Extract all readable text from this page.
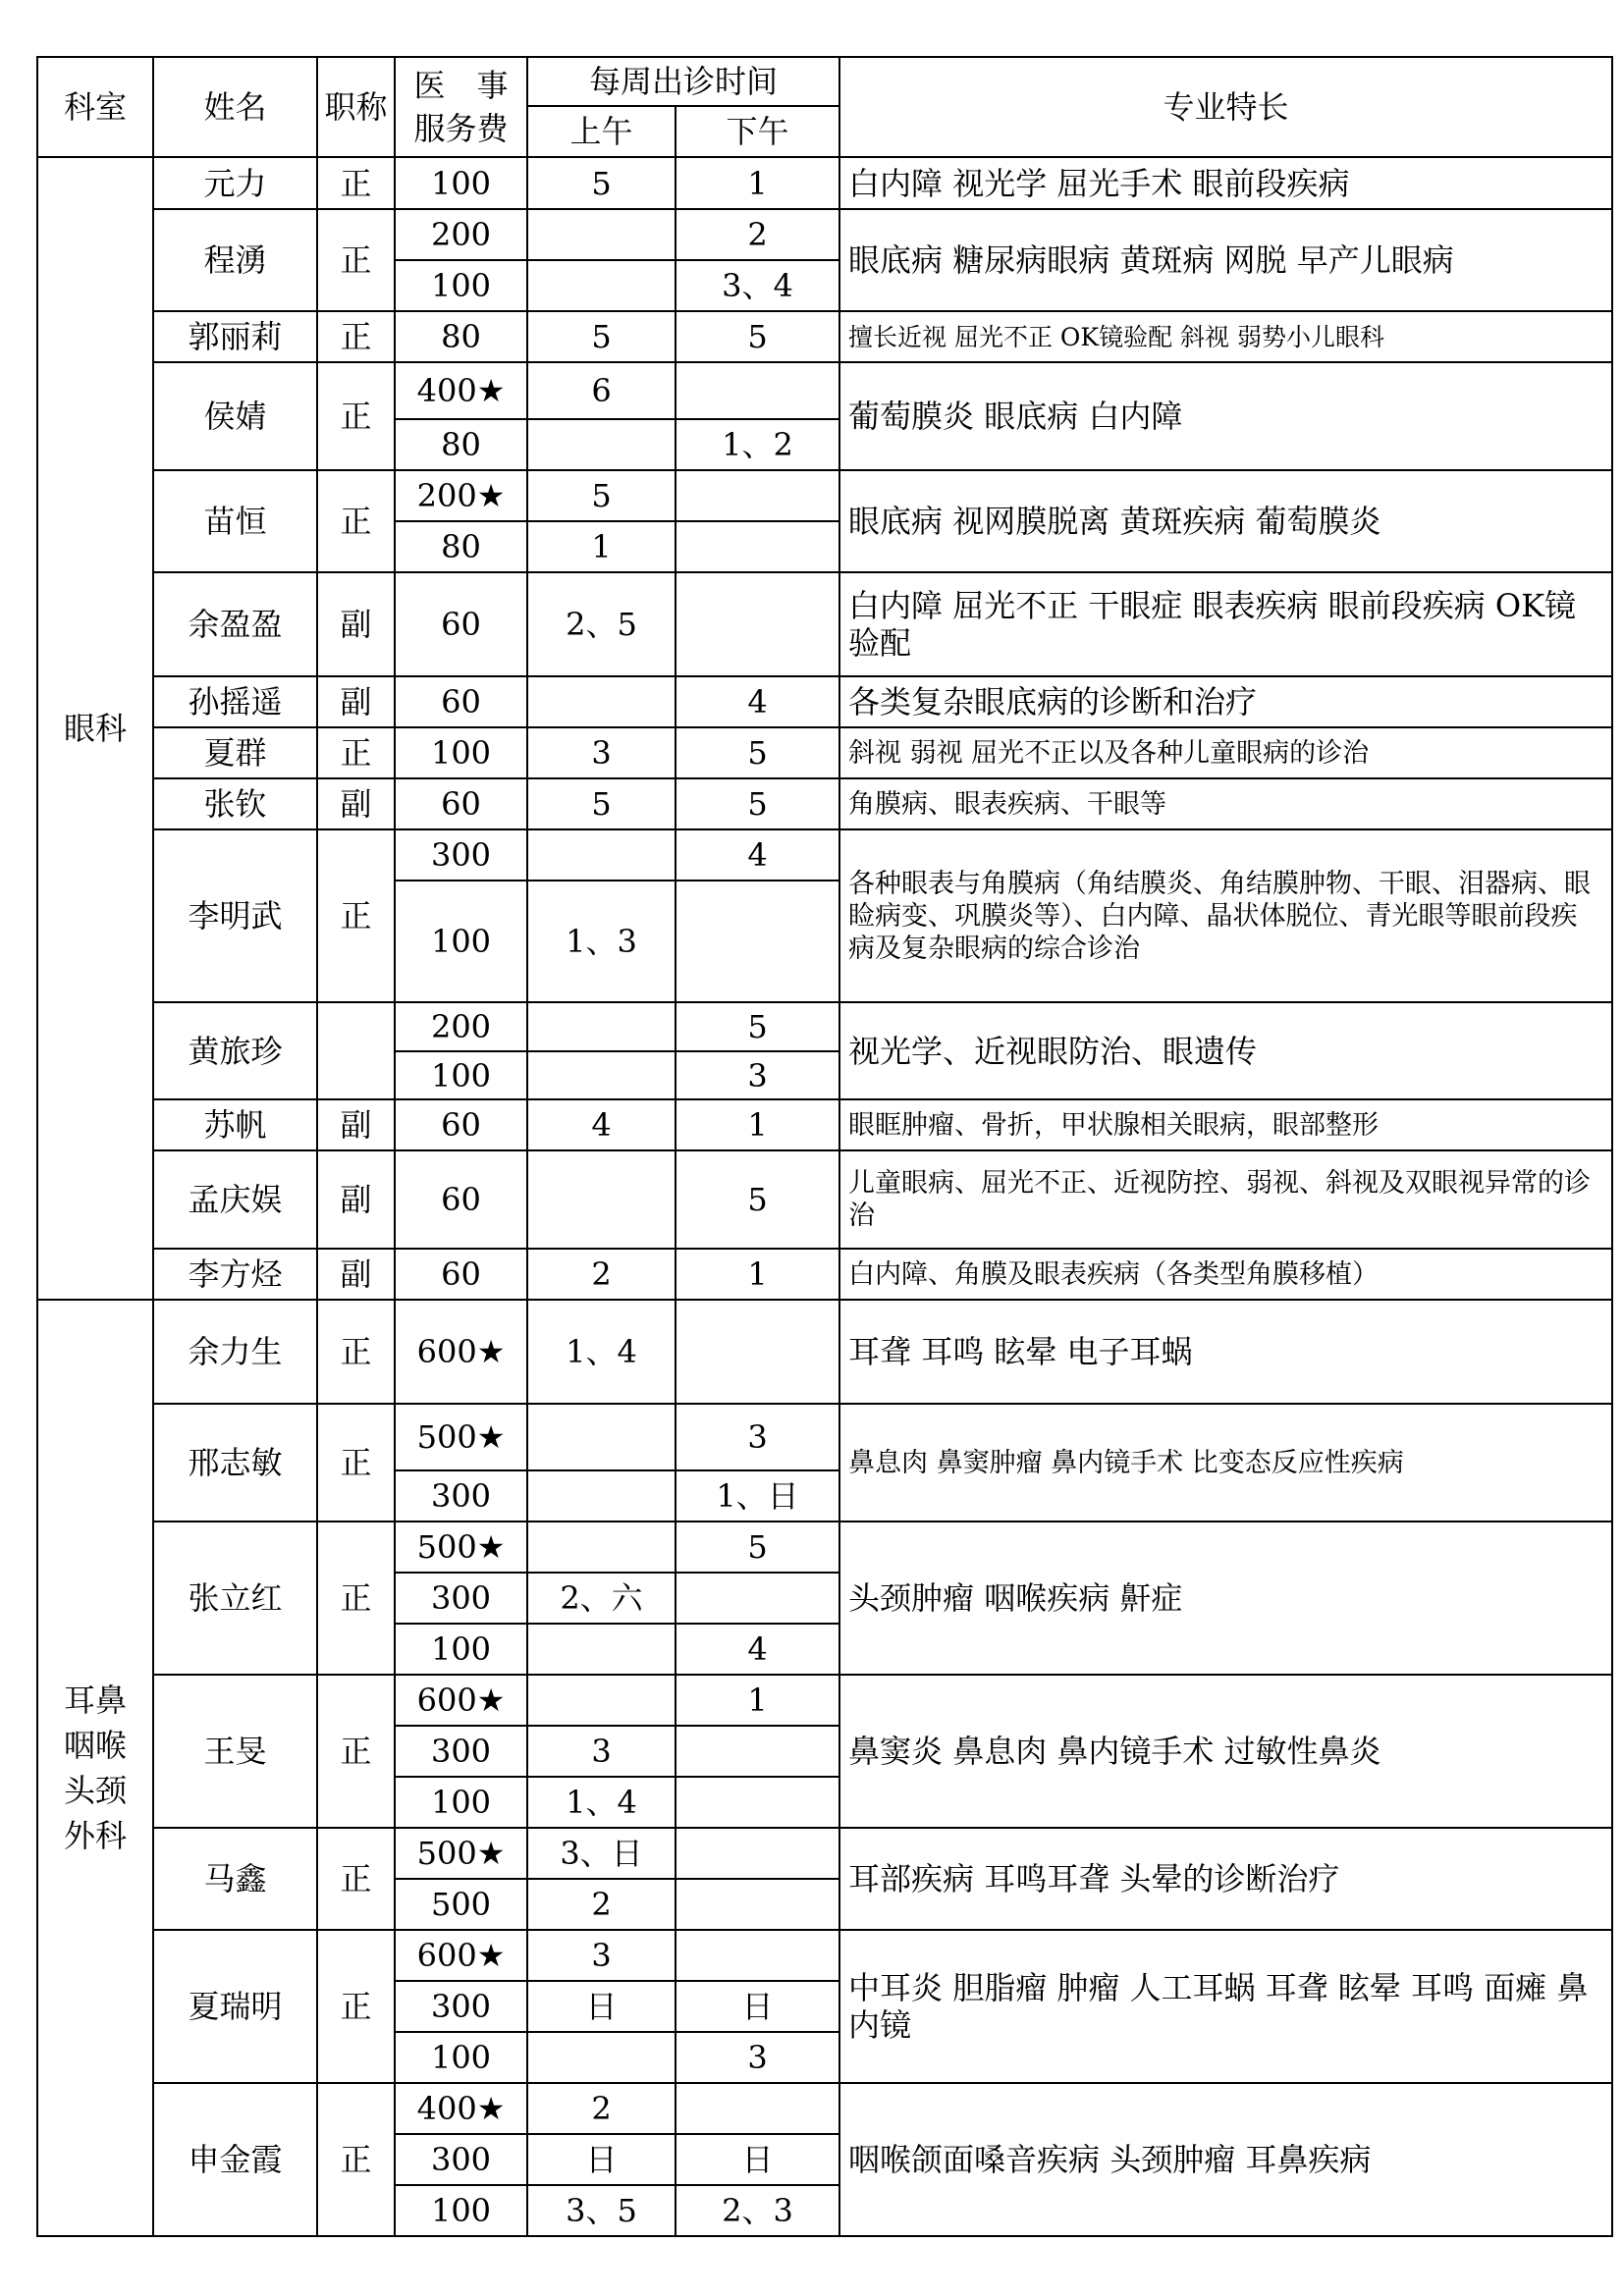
科室	姓名	职称	医　事
服务费	每周出诊时间		专业特长
				上午	下午	
眼科	元力	正	100	5	1	白内障 视光学 屈光手术 眼前段疾病
	程湧	正	200		2	眼底病 糖尿病眼病 黄斑病 网脱 早产儿眼病
			100		3、4	
	郭丽莉	正	80	5	5	擅长近视 屈光不正 OK镜验配 斜视 弱势小儿眼科

	侯婧	正	400★	6		葡萄膜炎 眼底病 白内障
			80		1、2	
	苗恒	正	200★	5		眼底病 视网膜脱离 黄斑疾病 葡萄膜炎
			80	1		
	余盈盈	副	60	2、5		白内障 屈光不正 干眼症 眼表疾病 眼前段疾病 OK镜验配
	孙摇遥	副	60		4	各类复杂眼底病的诊断和治疗
	夏群	正	100	3	5	斜视 弱视 屈光不正以及各种儿童眼病的诊治
	张钦	副	60	5	5	角膜病、眼表疾病、干眼等
	李明武	正	300		4	各种眼表与角膜病（角结膜炎、角结膜肿物、干眼、泪器病、眼睑病变、巩膜炎等）、白内障、晶状体脱位、青光眼等眼前段疾病及复杂眼病的综合诊治
			100	1、3		
	黄旅珍		200		5	视光学、近视眼防治、眼遗传
			100		3	
	苏帆	副	60	4	1	眼眶肿瘤、骨折，甲状腺相关眼病，眼部整形
	孟庆娱	副	60		5	儿童眼病、屈光不正、近视防控、弱视、斜视及双眼视异常的诊治
	李方烃	副	60	2	1	白内障、角膜及眼表疾病（各类型角膜移植）
耳鼻咽喉头颈外科	余力生	正	600★	1、4		耳聋 耳鸣 眩晕 电子耳蜗
	邢志敏	正	500★		3	鼻息肉 鼻窦肿瘤 鼻内镜手术 比变态反应性疾病
			300		1、日	
	张立红	正	500★		5	头颈肿瘤 咽喉疾病 鼾症
			300	2、六		
			100		4	
	王旻	正	600★		1	鼻窦炎 鼻息肉 鼻内镜手术 过敏性鼻炎
			300	3		
			100	1、4		
	马鑫	正	500★	3、日		耳部疾病 耳鸣耳聋 头晕的诊断治疗
			500	2		
	夏瑞明	正	600★	3		中耳炎 胆脂瘤 肿瘤 人工耳蜗 耳聋 眩晕 耳鸣 面瘫 鼻内镜
			300	日	日	
			100		3	
	申金霞	正	400★	2		咽喉颌面嗓音疾病 头颈肿瘤 耳鼻疾病
			300	日	日	
			100	3、5	2、3	
